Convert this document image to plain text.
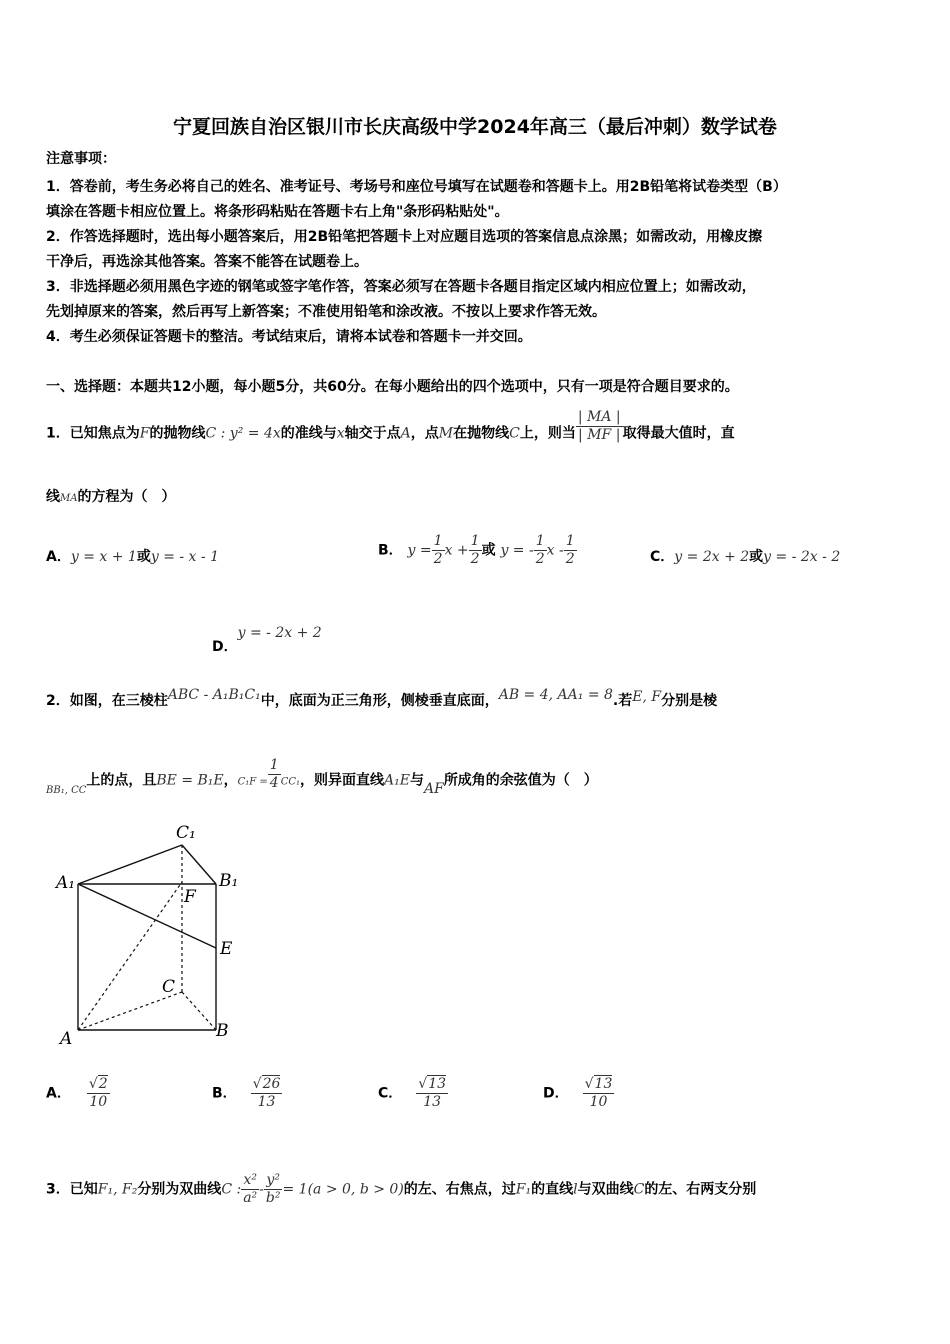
宁夏回族自治区银川市长庆高级中学2024年高三（最后冲刺）数学试卷
注意事项：
1．答卷前，考生务必将自己的姓名、准考证号、考场号和座位号填写在试题卷和答题卡上。用2B铅笔将试卷类型（B）
填涂在答题卡相应位置上。将条形码粘贴在答题卡右上角"条形码粘贴处"。
2．作答选择题时，选出每小题答案后，用2B铅笔把答题卡上对应题目选项的答案信息点涂黑；如需改动，用橡皮擦
干净后，再选涂其他答案。答案不能答在试题卷上。
3．非选择题必须用黑色字迹的钢笔或签字笔作答，答案必须写在答题卡各题目指定区域内相应位置上；如需改动，
先划掉原来的答案，然后再写上新答案；不准使用铅笔和涂改液。不按以上要求作答无效。
4．考生必须保证答题卡的整洁。考试结束后，请将本试卷和答题卡一并交回。
一、选择题：本题共12小题，每小题5分，共60分。在每小题给出的四个选项中，只有一项是符合题目要求的。
1．已知焦点为F的抛物线C : y² = 4x的准线与x轴交于点A，点M在抛物线C上，则当 $\frac{| MA |}{| MF |}$ 取得最大值时，直
线MA的方程为（　）
A．y = x + 1或y = - x - 1	B． $y = \frac{1}{2}$ $x + \frac{1}{2}$ 或 y = - $\frac{1}{2}$ x - $\frac{1}{2}$	C．y = 2x + 2或y = - 2x - 2
D．y = - 2x + 2
2．如图，在三棱柱ABC - A₁B₁C₁中，底面为正三角形，侧棱垂直底面，AB = 4, AA₁ = 8.若E, F分别是棱
$_{BB_1, CC}$上的点，且BE = B₁E，$C_1F = \frac{1}{4} CC_1$，则异面直线A₁E与AF所成角的余弦值为（　）
C₁
A₁	B₁
F
E
C
A	B
A． $\frac{√2}{10}$	B． $\frac{√26}{13}$	C． $\frac{√13}{13}$	D． $\frac{√13}{10}$
3．已知F₁, F₂分别为双曲线C : $\frac{\text{x²}}{\text{a²}} - \frac{\text{y²}}{\text{b²}} = 1(a > 0$, b > 0)的左、右焦点，过F₁的直线l与双曲线C的左、右两支分别
